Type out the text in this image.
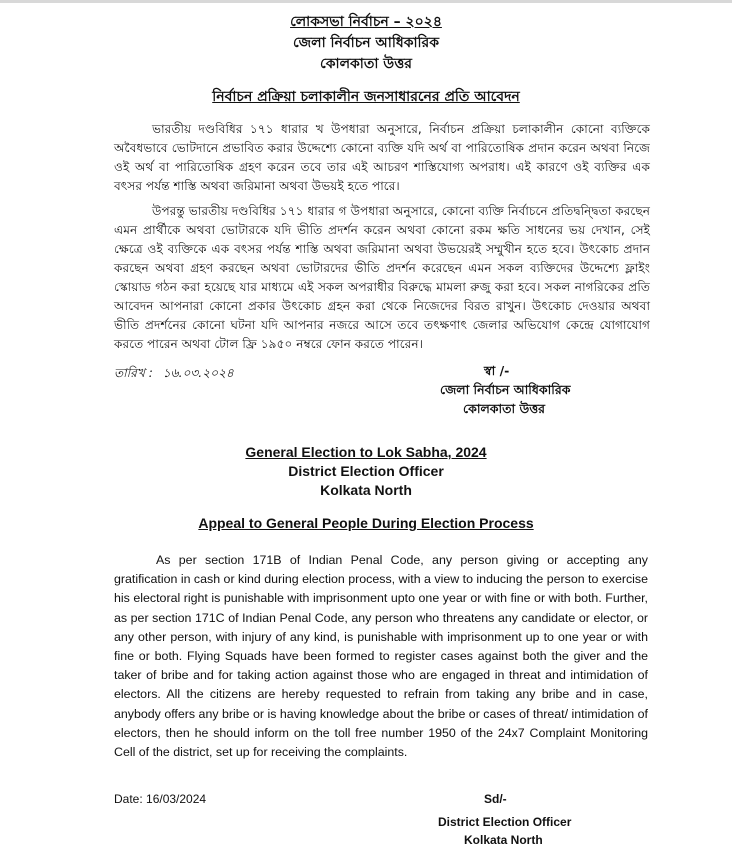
লোকসভা নির্বাচন – ২০২৪
জেলা নির্বাচন আধিকারিক
কোলকাতা উত্তর
নির্বাচন প্রক্রিয়া চলাকালীন জনসাধারনের প্রতি আবেদন

ভারতীয় দণ্ডবিধির ১৭১ ধারার খ উপধারা অনুসারে, নির্বাচন প্রক্রিয়া চলাকালীন কোনো ব্যক্তিকে অবৈধভাবে ভোটদানে প্রভাবিত করার উদ্দেশ্যে কোনো ব্যক্তি যদি অর্থ বা পারিতোষিক প্রদান করেন অথবা নিজে ওই অর্থ বা পারিতোষিক গ্রহণ করেন তবে তার এই আচরণ শাস্তিযোগ্য অপরাধ। এই কারণে ওই ব্যক্তির এক বৎসর পর্যন্ত শাস্তি অথবা জরিমানা অথবা উভয়ই হতে পারে।

উপরন্তু ভারতীয় দণ্ডবিধির ১৭১ ধারার গ উপধারা অনুসারে, কোনো ব্যক্তি নির্বাচনে প্রতিদ্বন্দ্বিতা করছেন এমন প্রার্থীকে অথবা ভোটারকে যদি ভীতি প্রদর্শন করেন অথবা কোনো রকম ক্ষতি সাধনের ভয় দেখান, সেই ক্ষেত্রে ওই ব্যক্তিকে এক বৎসর পর্যন্ত শাস্তি অথবা জরিমানা অথবা উভয়েরই সম্মুখীন হতে হবে। উৎকোচ প্রদান করছেন অথবা গ্রহণ করছেন অথবা ভোটারদের ভীতি প্রদর্শন করেছেন এমন সকল ব্যক্তিদের উদ্দেশ্যে ফ্লাইং স্কোয়াড গঠন করা হয়েছে যার মাধ্যমে এই সকল অপরাধীর বিরুদ্ধে মামলা রুজু করা হবে। সকল নাগরিকের প্রতি আবেদন আপনারা কোনো প্রকার উৎকোচ গ্রহন করা থেকে নিজেদের বিরত রাখুন। উৎকোচ দেওয়ার অথবা ভীতি প্রদর্শনের কোনো ঘটনা যদি আপনার নজরে আসে তবে তৎক্ষণাৎ জেলার অভিযোগ কেন্দ্রে যোগাযোগ করতে পারেন অথবা টোল ফ্রি ১৯৫০ নম্বরে ফোন করতে পারেন।

তারিখ : ১৬.০৩.২০২৪	স্বা /-
জেলা নির্বাচন আধিকারিক
কোলকাতা উত্তর
General Election to Lok Sabha, 2024
District Election Officer
Kolkata North
Appeal to General People During Election Process

As per section 171B of Indian Penal Code, any person giving or accepting any gratification in cash or kind during election process, with a view to inducing the person to exercise his electoral right is punishable with imprisonment upto one year or with fine or with both. Further, as per section 171C of Indian Penal Code, any person who threatens any candidate or elector, or any other person, with injury of any kind, is punishable with imprisonment up to one year or with fine or both. Flying Squads have been formed to register cases against both the giver and the taker of bribe and for taking action against those who are engaged in threat and intimidation of electors. All the citizens are hereby requested to refrain from taking any bribe and in case, anybody offers any bribe or is having knowledge about the bribe or cases of threat/ intimidation of electors, then he should inform on the toll free number 1950 of the 24x7 Complaint Monitoring Cell of the district, set up for receiving the complaints.

Date: 16/03/2024	Sd/-
District Election Officer
Kolkata North
